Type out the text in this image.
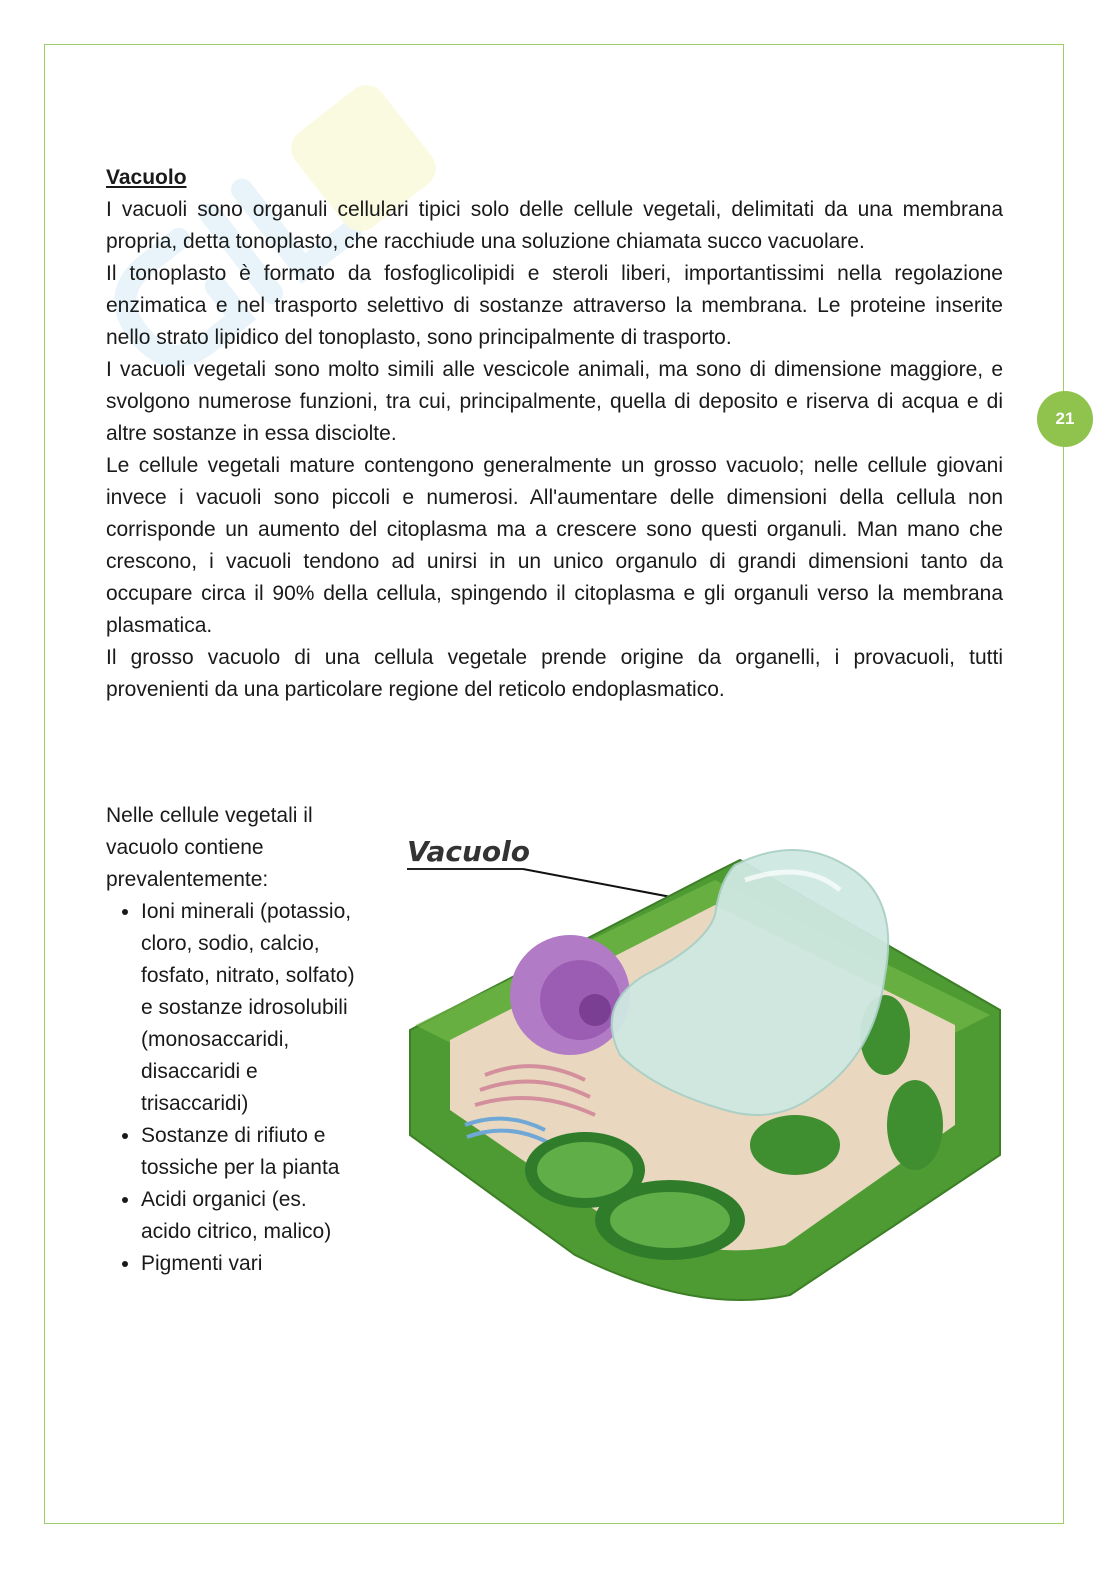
21

Vacuolo

I vacuoli sono organuli cellulari tipici solo delle cellule vegetali, delimitati da una membrana propria, detta tonoplasto, che racchiude una soluzione chiamata succo vacuolare.

Il tonoplasto è formato da fosfoglicolipidi e steroli liberi, importantissimi nella regolazione enzimatica e nel trasporto selettivo di sostanze attraverso la membrana. Le proteine inserite nello strato lipidico del tonoplasto, sono principalmente di trasporto.

I vacuoli vegetali sono molto simili alle vescicole animali, ma sono di dimensione maggiore, e svolgono numerose funzioni, tra cui, principalmente, quella di deposito e riserva di acqua e di altre sostanze in essa disciolte.

Le cellule vegetali mature contengono generalmente un grosso vacuolo; nelle cellule giovani invece i vacuoli sono piccoli e numerosi. All'aumentare delle dimensioni della cellula non corrisponde un aumento del citoplasma ma a crescere sono questi organuli. Man mano che crescono, i vacuoli tendono ad unirsi in un unico organulo di grandi dimensioni tanto da occupare circa il 90% della cellula, spingendo il citoplasma e gli organuli verso la membrana plasmatica.

Il grosso vacuolo di una cellula vegetale prende origine da organelli, i provacuoli, tutti provenienti da una particolare regione del reticolo endoplasmatico.

Nelle cellule vegetali il vacuolo contiene prevalentemente:

• Ioni minerali (potassio, cloro, sodio, calcio, fosfato, nitrato, solfato) e sostanze idrosolubili (monosaccaridi, disaccaridi e trisaccaridi)
• Sostanze di rifiuto e tossiche per la pianta
• Acidi organici (es. acido citrico, malico)
• Pigmenti vari
Vacuolo
